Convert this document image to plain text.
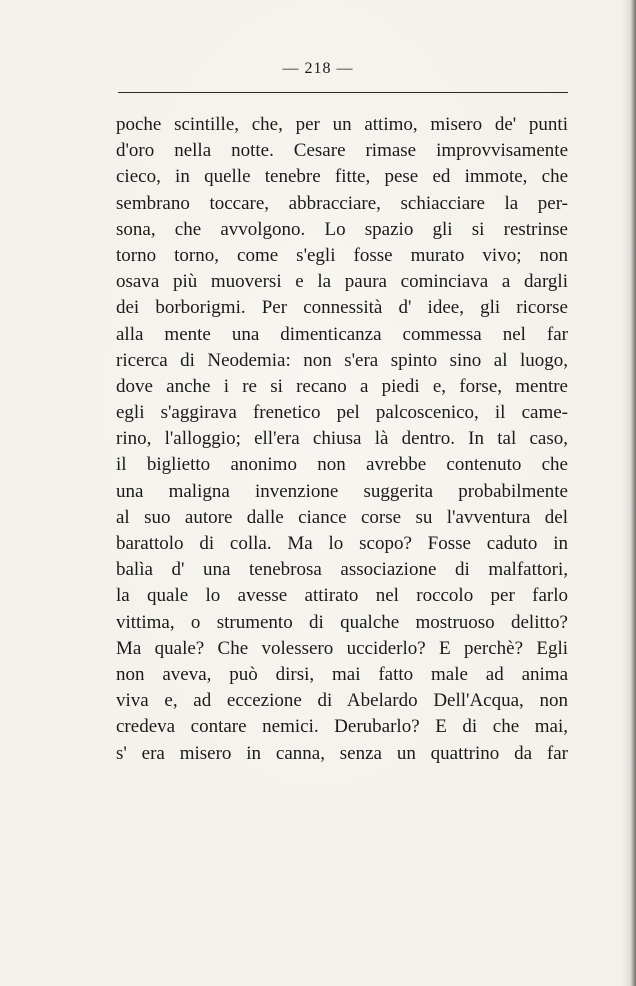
— 218 —
poche scintille, che, per un attimo, misero de' punti
d'oro nella notte. Cesare rimase improvvisamente
cieco, in quelle tenebre fitte, pese ed immote, che
sembrano toccare, abbracciare, schiacciare la per-
sona, che avvolgono. Lo spazio gli si restrinse
torno torno, come s'egli fosse murato vivo; non
osava più muoversi e la paura cominciava a dargli
dei borborigmi. Per connessità d' idee, gli ricorse
alla mente una dimenticanza commessa nel far
ricerca di Neodemia: non s'era spinto sino al luogo,
dove anche i re si recano a piedi e, forse, mentre
egli s'aggirava frenetico pel palcoscenico, il came-
rino, l'alloggio; ell'era chiusa là dentro. In tal caso,
il biglietto anonimo non avrebbe contenuto che
una maligna invenzione suggerita probabilmente
al suo autore dalle ciance corse su l'avventura del
barattolo di colla. Ma lo scopo? Fosse caduto in
balìa d' una tenebrosa associazione di malfattori,
la quale lo avesse attirato nel roccolo per farlo
vittima, o strumento di qualche mostruoso delitto?
Ma quale? Che volessero ucciderlo? E perchè? Egli
non aveva, può dirsi, mai fatto male ad anima
viva e, ad eccezione di Abelardo Dell'Acqua, non
credeva contare nemici. Derubarlo? E di che mai,
s' era misero in canna, senza un quattrino da far
